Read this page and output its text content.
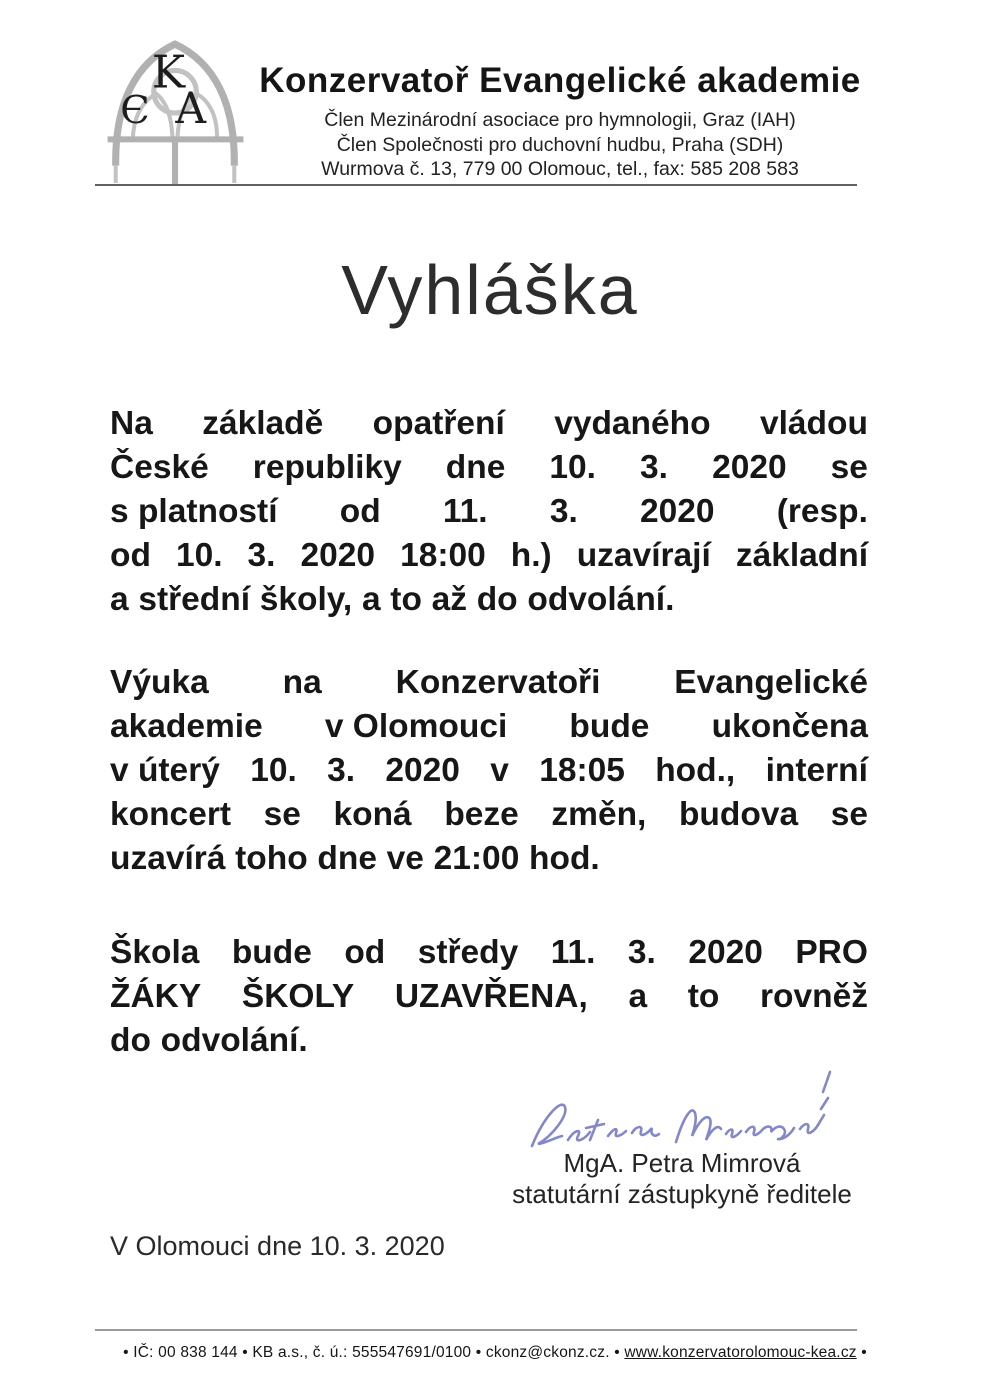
K
Є A
Konzervatoř Evangelické akademie
Člen Mezinárodní asociace pro hymnologii, Graz (IAH)
Člen Společnosti pro duchovní hudbu, Praha (SDH)
Wurmova č. 13, 779 00 Olomouc, tel., fax: 585 208 583
Vyhláška
Na základě opatření vydaného vládou
České republiky dne 10. 3. 2020 se
s platností od 11. 3. 2020 (resp.
od 10. 3. 2020 18:00 h.) uzavírají základní
a střední školy, a to až do odvolání.
Výuka na Konzervatoři Evangelické
akademie v Olomouci bude ukončena
v úterý 10. 3. 2020 v 18:05 hod., interní
koncert se koná beze změn, budova se
uzavírá toho dne ve 21:00 hod.
Škola bude od středy 11. 3. 2020 PRO
ŽÁKY ŠKOLY UZAVŘENA, a to rovněž
do odvolání.
MgA. Petra Mimrová
statutární zástupkyně ředitele
V Olomouci dne 10. 3. 2020
• IČ: 00 838 144 • KB a.s., č. ú.: 555547691/0100 • ckonz@ckonz.cz. • www.konzervatorolomouc-kea.cz •
